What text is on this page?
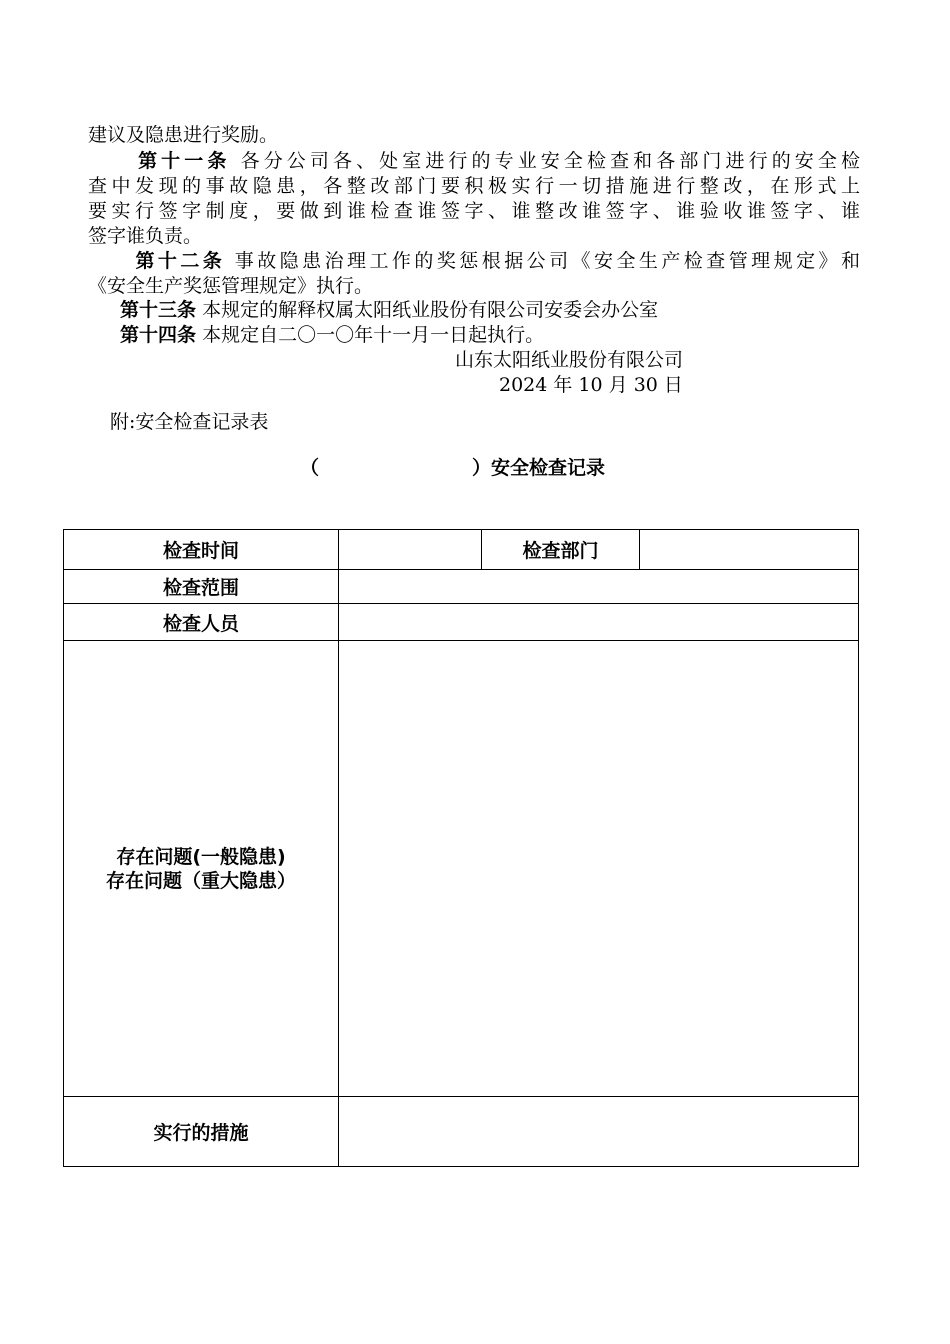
建议及隐患进行奖励。
第十一条 各分公司各、处室进行的专业安全检查和各部门进行的安全检
查中发现的事故隐患，各整改部门要积极实行一切措施进行整改，在形式上
要实行签字制度，要做到谁检查谁签字、谁整改谁签字、谁验收谁签字、谁
签字谁负责。
第十二条 事故隐患治理工作的奖惩根据公司《安全生产检查管理规定》和
《安全生产奖惩管理规定》执行。
第十三条 本规定的解释权属太阳纸业股份有限公司安委会办公室
第十四条 本规定自二〇一〇年十一月一日起执行。
山东太阳纸业股份有限公司
2024 年 10 月 30 日
附:安全检查记录表
（	）安全检查记录
检查时间		检查部门	
检查范围			
检查人员			

存在问题(一般隐患)
存在问题（重大隐患）			

实行的措施			
